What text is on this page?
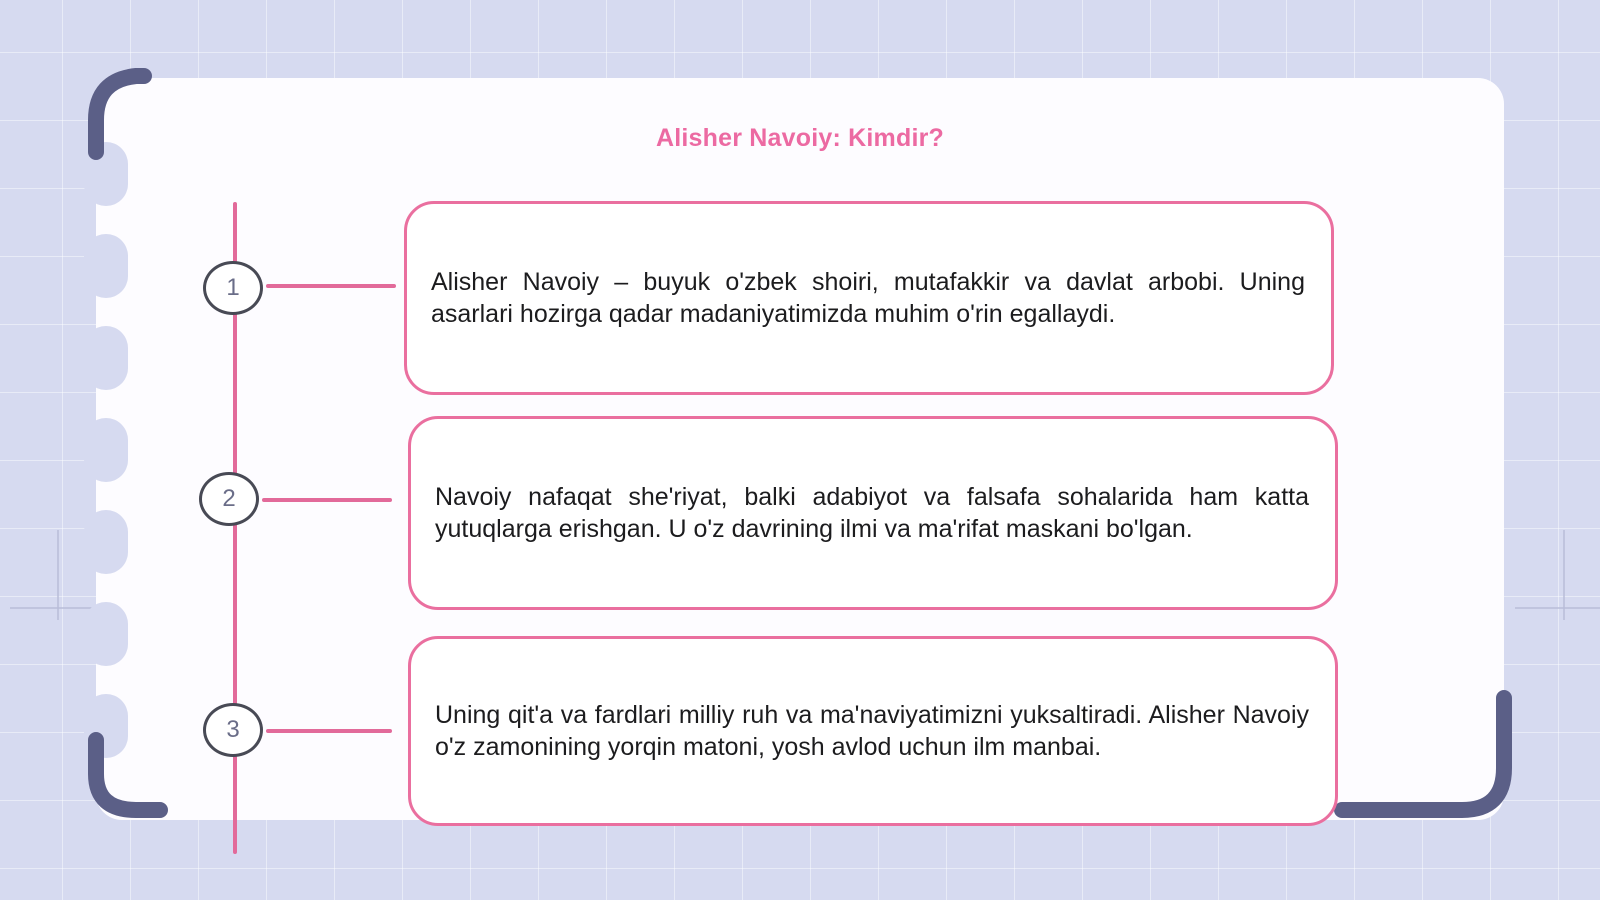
Alisher Navoiy: Kimdir?
1	Alisher Navoiy – buyuk o'zbek shoiri, mutafakkir va davlat arbobi. Uning asarlari hozirga qadar madaniyatimizda muhim o'rin egallaydi.

2	Navoiy nafaqat she'riyat, balki adabiyot va falsafa sohalarida ham katta yutuqlarga erishgan. U o'z davrining ilmi va ma'rifat maskani bo'lgan.

3

Uning qit'a va fardlari milliy ruh va ma'naviyatimizni yuksaltiradi. Alisher Navoiy o'z zamonining yorqin matoni, yosh avlod uchun ilm manbai.
